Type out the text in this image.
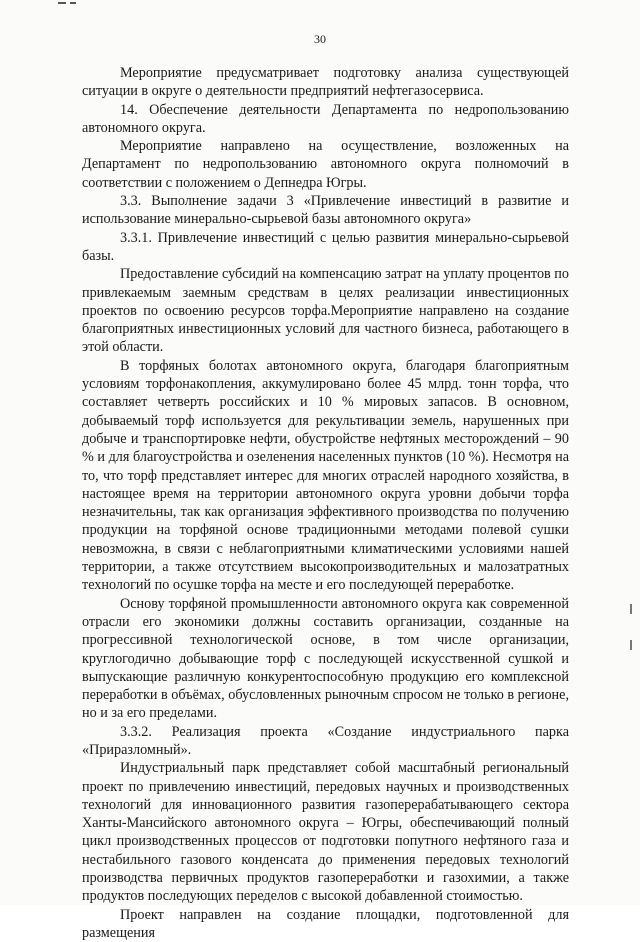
30

Мероприятие предусматривает подготовку анализа существующей ситуации в округе о деятельности предприятий нефтегазосервиса.

14. Обеспечение деятельности Департамента по недропользованию автономного округа.

Мероприятие направлено на осуществление, возложенных на Департамент по недропользованию автономного округа полномочий в соответствии с положением о Депнедра Югры.

3.3. Выполнение задачи 3 «Привлечение инвестиций в развитие и использование минерально-сырьевой базы автономного округа»

3.3.1. Привлечение инвестиций с целью развития минерально-сырьевой базы.

Предоставление субсидий на компенсацию затрат на уплату процентов по привлекаемым заемным средствам в целях реализации инвестиционных проектов по освоению ресурсов торфа.Мероприятие направлено на создание благоприятных инвестиционных условий для частного бизнеса, работающего в этой области.

В торфяных болотах автономного округа, благодаря благоприятным условиям торфонакопления, аккумулировано более 45 млрд. тонн торфа, что составляет четверть российских и 10 % мировых запасов. В основном, добываемый торф используется для рекультивации земель, нарушенных при добыче и транспортировке нефти, обустройстве нефтяных месторождений – 90 % и для благоустройства и озеленения населенных пунктов (10 %). Несмотря на то, что торф представляет интерес для многих отраслей народного хозяйства, в настоящее время на территории автономного округа уровни добычи торфа незначительны, так как организация эффективного производства по получению продукции на торфяной основе традиционными методами полевой сушки невозможна, в связи с неблагоприятными климатическими условиями нашей территории, а также отсутствием высокопроизводительных и малозатратных технологий по осушке торфа на месте и его последующей переработке.

Основу торфяной промышленности автономного округа как современной отрасли его экономики должны составить организации, созданные на прогрессивной технологической основе, в том числе организации, круглогодично добывающие торф с последующей искусственной сушкой и выпускающие различную конкурентоспособную продукцию его комплексной переработки в объёмах, обусловленных рыночным спросом не только в регионе, но и за его пределами.

3.3.2. Реализация проекта «Создание индустриального парка «Приразломный».

Индустриальный парк представляет собой масштабный региональный проект по привлечению инвестиций, передовых научных и производственных технологий для инновационного развития газоперерабатывающего сектора Ханты-Мансийского автономного округа – Югры, обеспечивающий полный цикл производственных процессов от подготовки попутного нефтяного газа и нестабильного газового конденсата до применения передовых технологий производства первичных продуктов газопереработки и газохимии, а также продуктов последующих переделов с высокой добавленной стоимостью.

Проект направлен на создание площадки, подготовленной для размещения
